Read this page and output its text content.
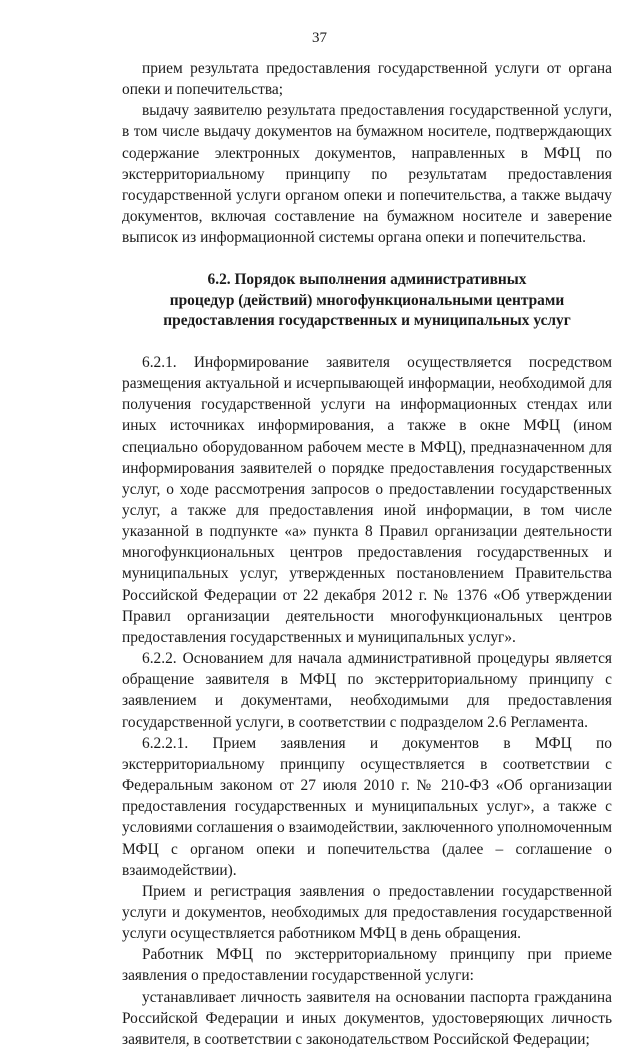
37

прием результата предоставления государственной услуги от органа опеки и попечительства;

выдачу заявителю результата предоставления государственной услуги, в том числе выдачу документов на бумажном носителе, подтверждающих содержание электронных документов, направленных в МФЦ по экстерриториальному принципу по результатам предоставления государственной услуги органом опеки и попечительства, а также выдачу документов, включая составление на бумажном носителе и заверение выписок из информационной системы органа опеки и попечительства.

6.2. Порядок выполнения административных
процедур (действий) многофункциональными центрами
предоставления государственных и муниципальных услуг

6.2.1. Информирование заявителя осуществляется посредством размещения актуальной и исчерпывающей информации, необходимой для получения государственной услуги на информационных стендах или иных источниках информирования, а также в окне МФЦ (ином специально оборудованном рабочем месте в МФЦ), предназначенном для информирования заявителей о порядке предоставления государственных услуг, о ходе рассмотрения запросов о предоставлении государственных услуг, а также для предоставления иной информации, в том числе указанной в подпункте «а» пункта 8 Правил организации деятельности многофункциональных центров предоставления государственных и муниципальных услуг, утвержденных постановлением Правительства Российской Федерации от 22 декабря 2012 г. № 1376 «Об утверждении Правил организации деятельности многофункциональных центров предоставления государственных и муниципальных услуг».

6.2.2. Основанием для начала административной процедуры является обращение заявителя в МФЦ по экстерриториальному принципу с заявлением и документами, необходимыми для предоставления государственной услуги, в соответствии с подразделом 2.6 Регламента.

6.2.2.1. Прием заявления и документов в МФЦ по экстерриториальному принципу осуществляется в соответствии с Федеральным законом от 27 июля 2010 г. № 210-ФЗ «Об организации предоставления государственных и муниципальных услуг», а также с условиями соглашения о взаимодействии, заключенного уполномоченным МФЦ с органом опеки и попечительства (далее – соглашение о взаимодействии).

Прием и регистрация заявления о предоставлении государственной услуги и документов, необходимых для предоставления государственной услуги осуществляется работником МФЦ в день обращения.

Работник МФЦ по экстерриториальному принципу при приеме заявления о предоставлении государственной услуги:

устанавливает личность заявителя на основании паспорта гражданина Российской Федерации и иных документов, удостоверяющих личность заявителя, в соответствии с законодательством Российской Федерации;
